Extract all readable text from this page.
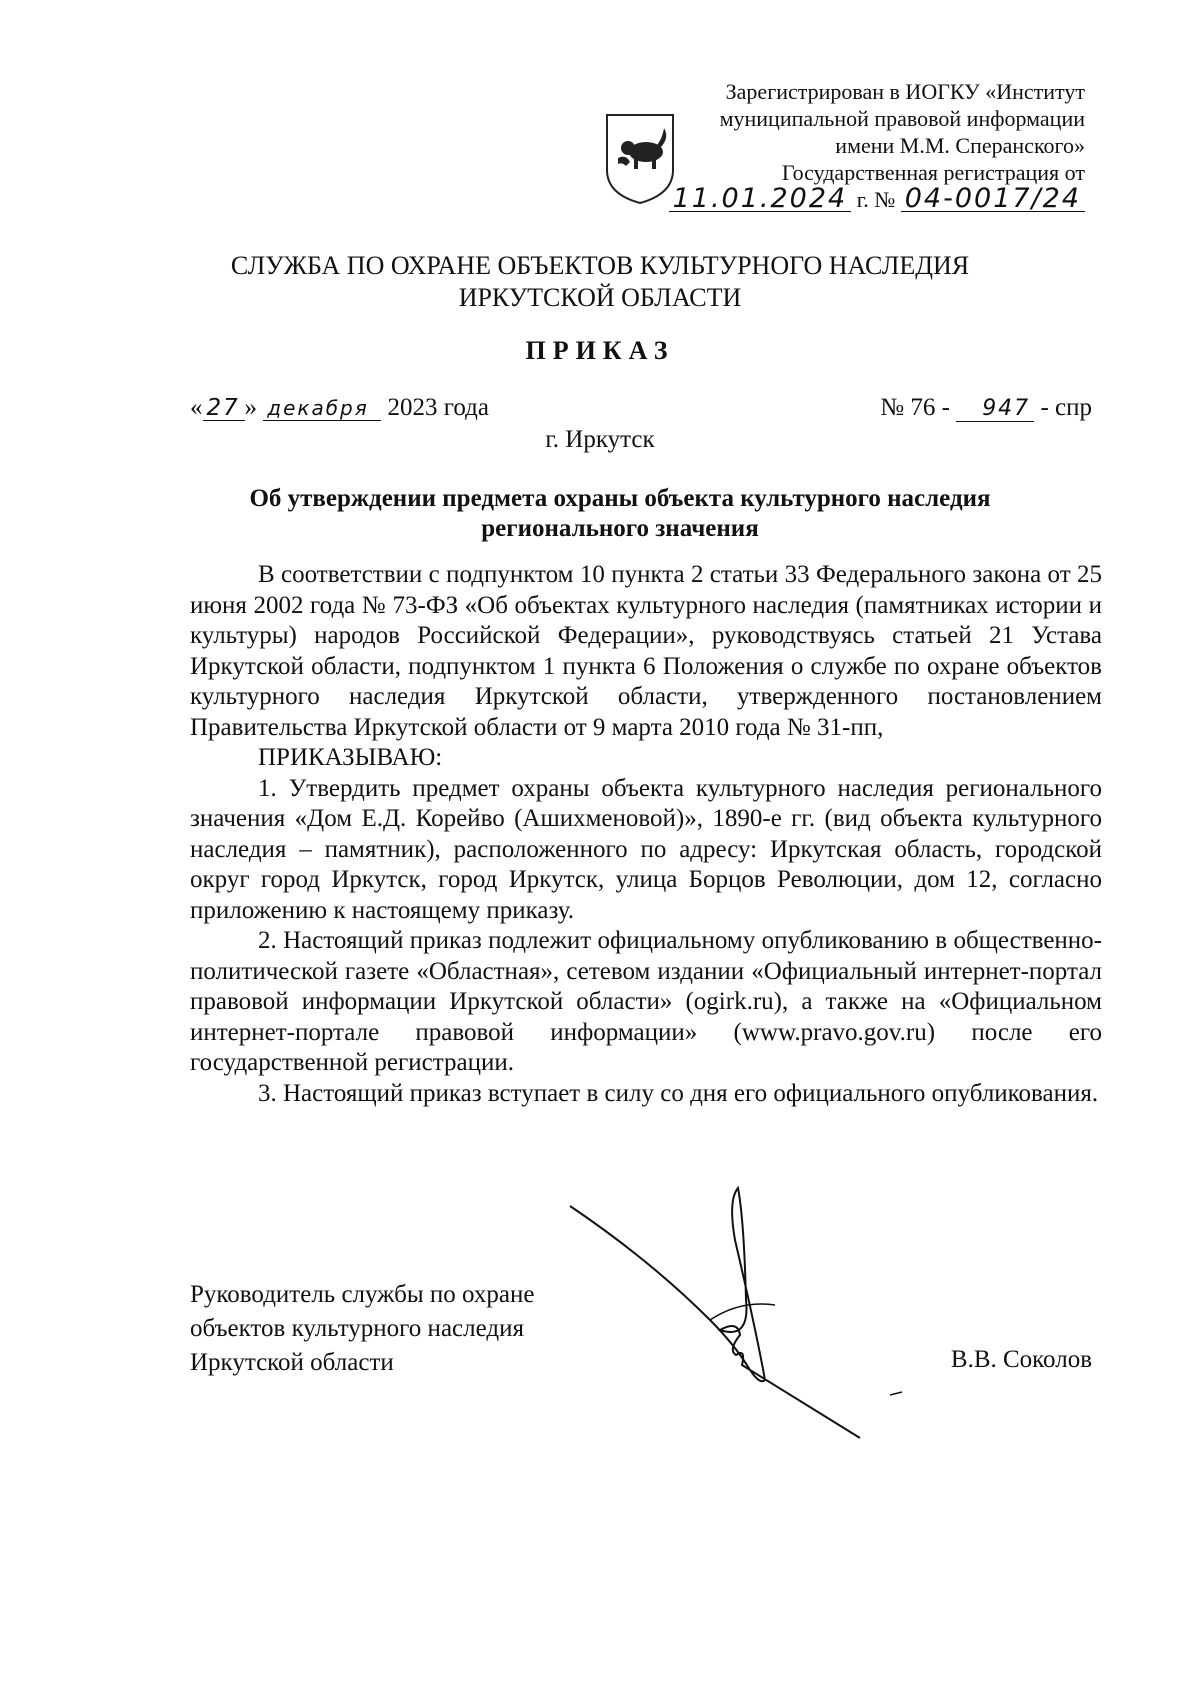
Зарегистрирован в ИОГКУ «Институт
муниципальной правовой информации
имени М.М. Сперанского»
Государственная регистрация от
11.01.2024 г. № 04-0017/24
СЛУЖБА ПО ОХРАНЕ ОБЪЕКТОВ КУЛЬТУРНОГО НАСЛЕДИЯ
ИРКУТСКОЙ ОБЛАСТИ
ПРИКАЗ
« 27 » декабря 2023 года	№ 76 - 947 - спр
г. Иркутск
Об утверждении предмета охраны объекта культурного наследия
регионального значения

В соответствии с подпунктом 10 пункта 2 статьи 33 Федерального закона от 25 июня 2002 года № 73-ФЗ «Об объектах культурного наследия (памятниках истории и культуры) народов Российской Федерации», руководствуясь статьей 21 Устава Иркутской области, подпунктом 1 пункта 6 Положения о службе по охране объектов культурного наследия Иркутской области, утвержденного постановлением Правительства Иркутской области от 9 марта 2010 года № 31-пп,

ПРИКАЗЫВАЮ:

1. Утвердить предмет охраны объекта культурного наследия регионального значения «Дом Е.Д. Корейво (Ашихменовой)», 1890-е гг. (вид объекта культурного наследия – памятник), расположенного по адресу: Иркутская область, городской округ город Иркутск, город Иркутск, улица Борцов Революции, дом 12, согласно приложению к настоящему приказу.

2. Настоящий приказ подлежит официальному опубликованию в общественно-политической газете «Областная», сетевом издании «Официальный интернет-портал правовой информации Иркутской области» (ogirk.ru), а также на «Официальном интернет-портале правовой информации» (www.pravo.gov.ru) после его государственной регистрации.

3. Настоящий приказ вступает в силу со дня его официального опубликования.

Руководитель службы по охране
объектов культурного наследия
Иркутской области	В.В. Соколов
